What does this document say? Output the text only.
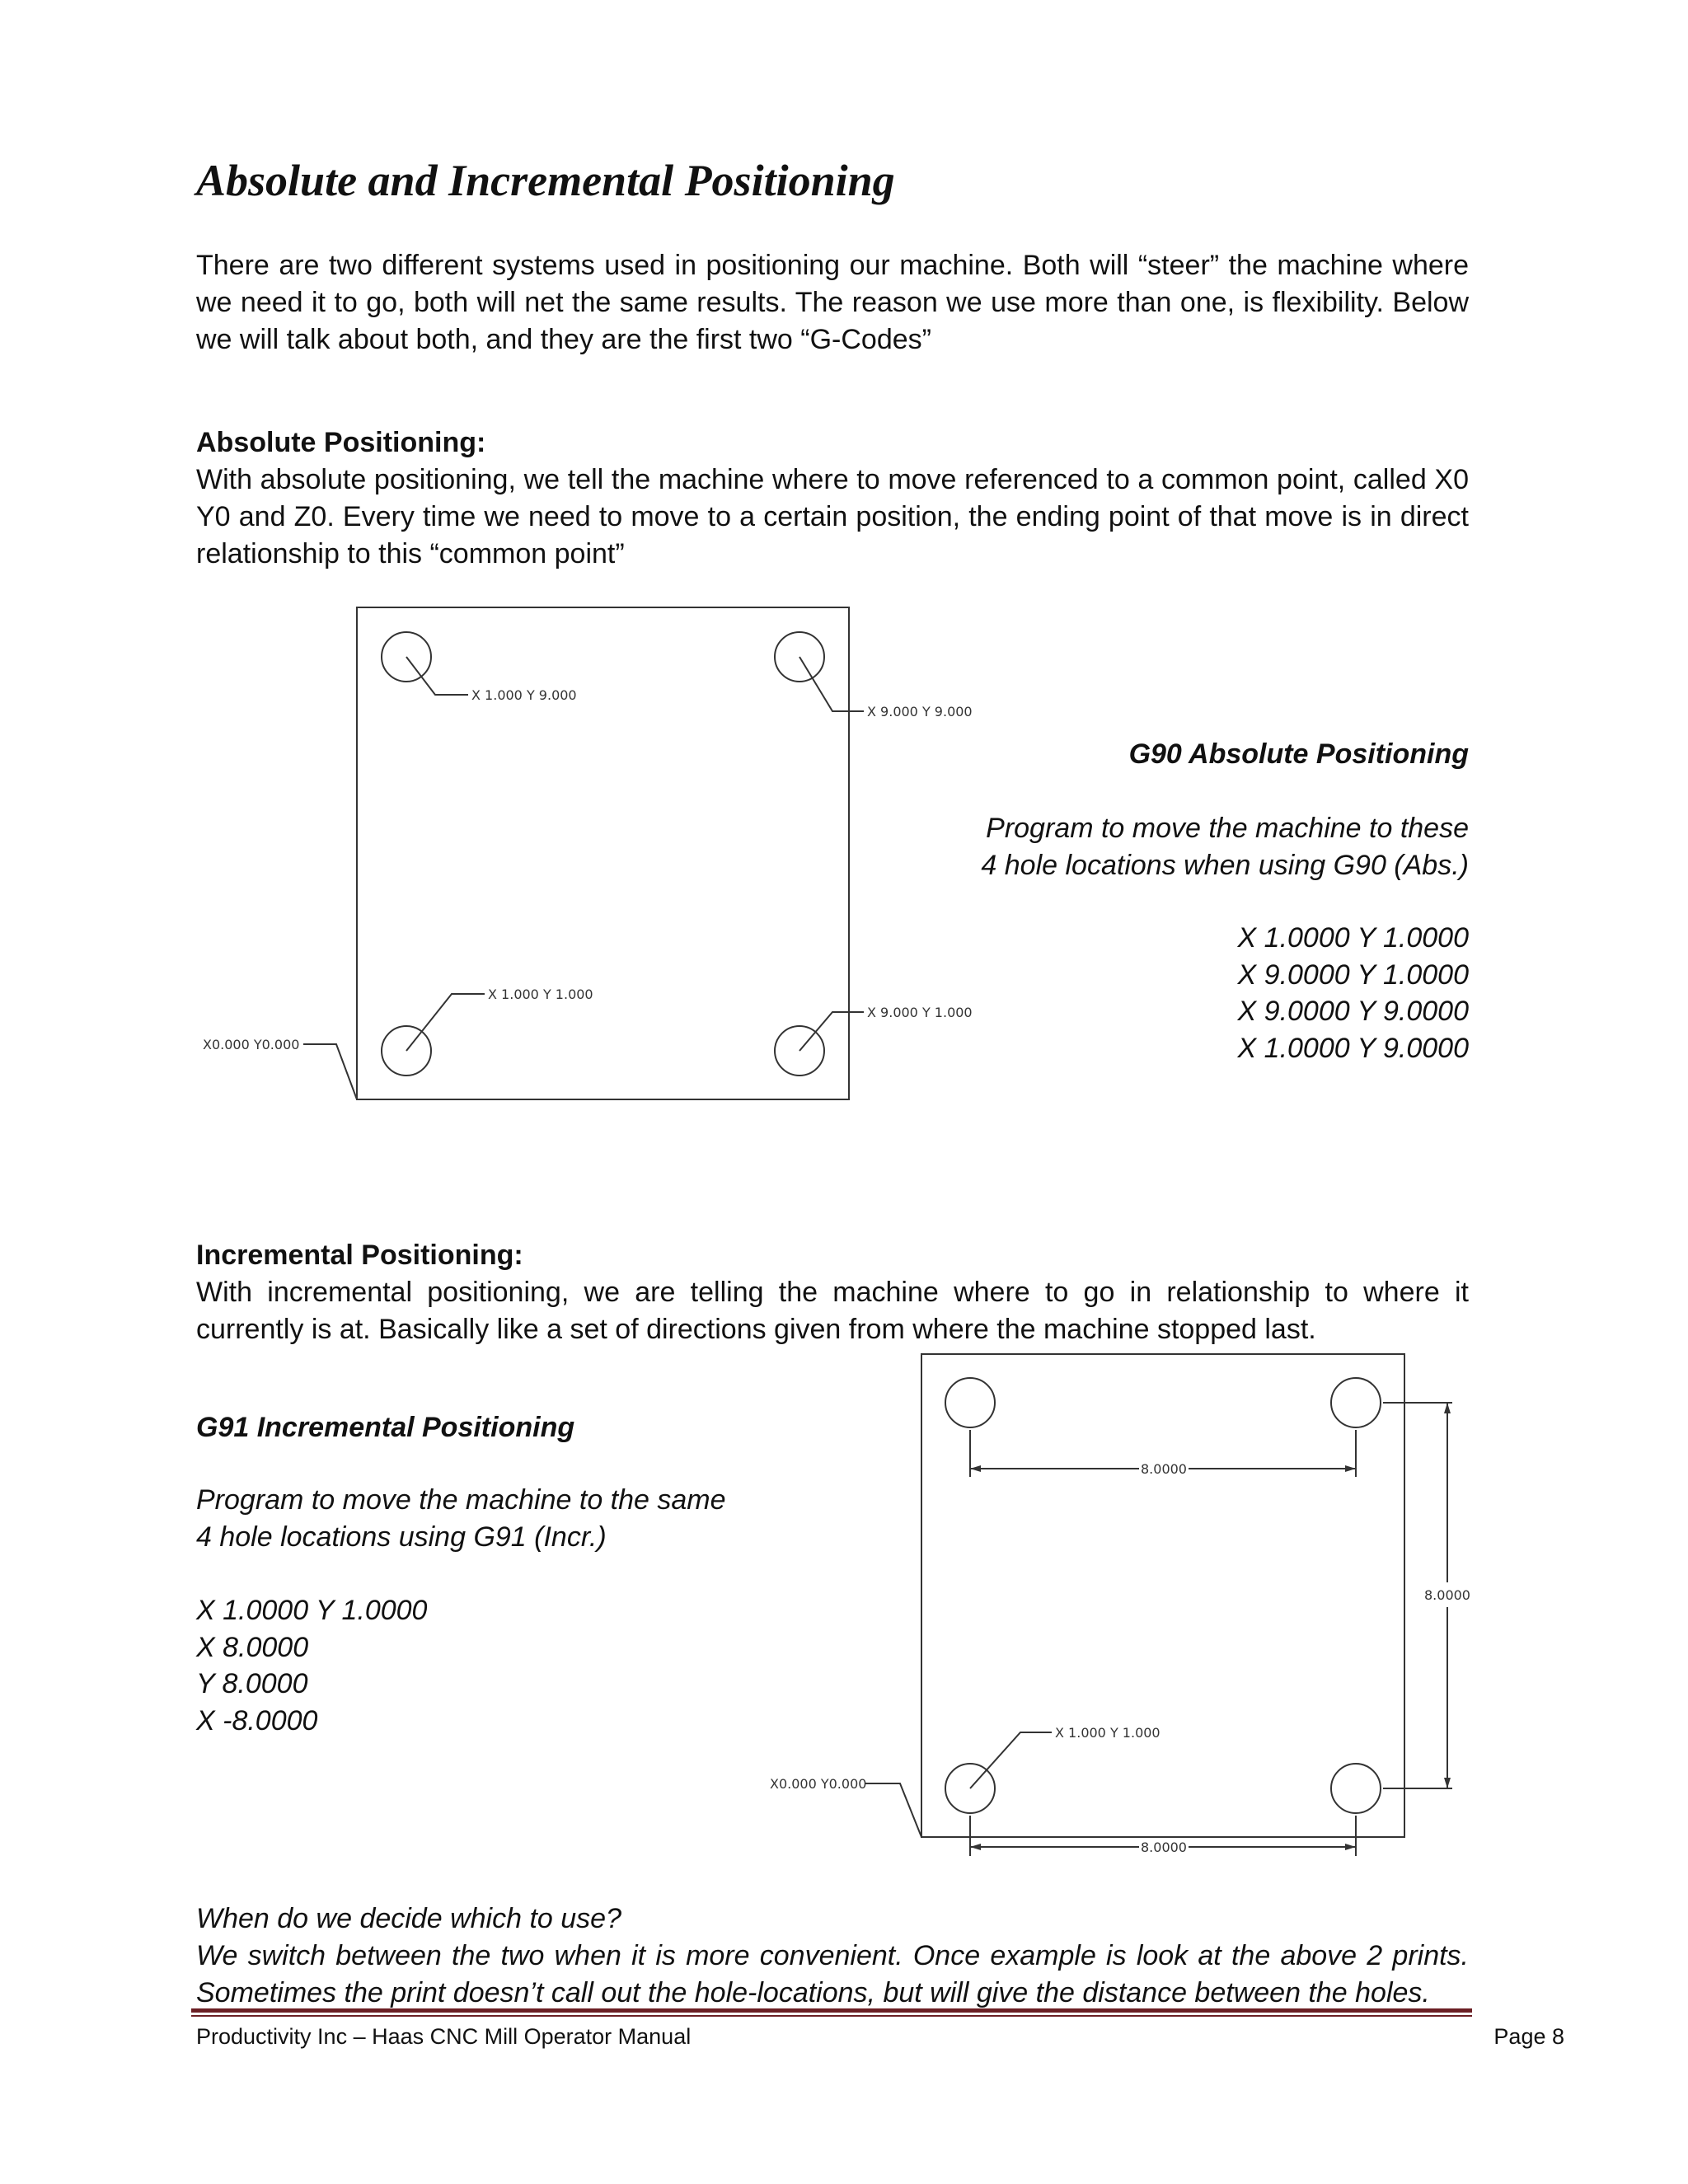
Absolute and Incremental Positioning
There are two different systems used in positioning our machine. Both will “steer” the machine where we need it to go, both will net the same results. The reason we use more than one, is flexibility. Below we will talk about both, and they are the first two “G-Codes”
Absolute Positioning:
With absolute positioning, we tell the machine where to move referenced to a common point, called X0 Y0 and Z0. Every time we need to move to a certain position, the ending point of that move is in direct relationship to this “common point”
X 1.000 Y 9.000
X 9.000 Y 9.000
X 1.000 Y 1.000
X 9.000 Y 1.000
X0.000 Y0.000
8.0000
8.0000
8.0000
X 1.000 Y 1.000
X0.000 Y0.000
G90 Absolute Positioning
Program to move the machine to these
4 hole locations when using G90 (Abs.)
X 1.0000 Y 1.0000
X 9.0000 Y 1.0000
X 9.0000 Y 9.0000
X 1.0000 Y 9.0000
Incremental Positioning:
With incremental positioning, we are telling the machine where to go in relationship to where it currently is at. Basically like a set of directions given from where the machine stopped last.
G91 Incremental Positioning
Program to move the machine to the same
4 hole locations using G91 (Incr.)
X 1.0000 Y 1.0000
X 8.0000
Y 8.0000
X -8.0000
When do we decide which to use?
We switch between the two when it is more convenient. Once example is look at the above 2 prints. Sometimes the print doesn’t call out the hole-locations, but will give the distance between the holes.
Productivity Inc – Haas CNC Mill Operator Manual	Page 8
